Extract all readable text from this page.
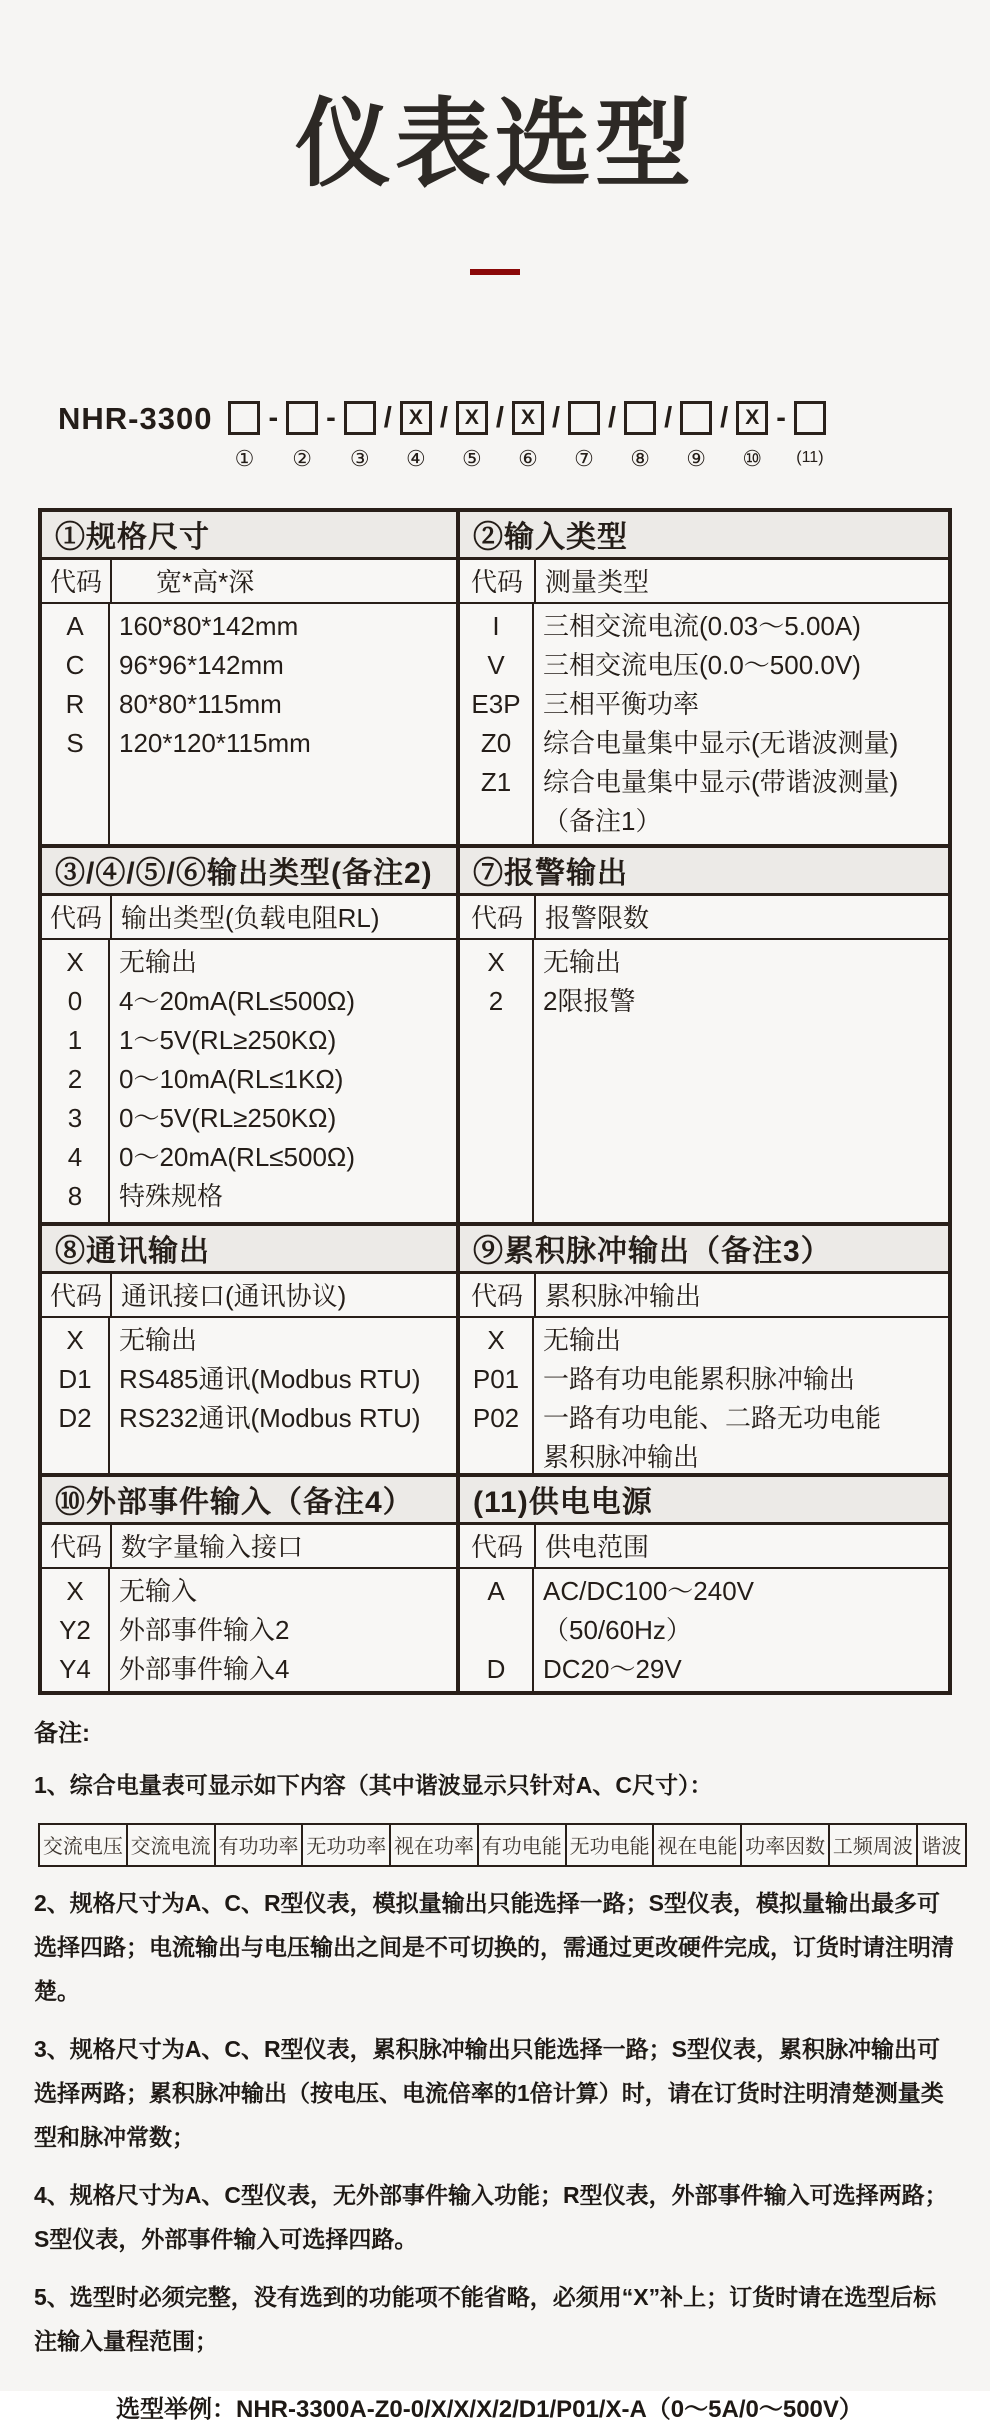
仪表选型
NHR-3300
①
-
②
-
③
/ X
④
/ X
⑤
/ X
⑥
/
⑦
/
⑧
/
⑨
/ X
⑩
-
(11)
①规格尺寸
代码	宽*高*深
A
C
R
S
160*80*142mm
96*96*142mm
80*80*115mm
120*120*115mm
②输入类型
代码 测量类型
I
V
E3P
Z0
Z1
三相交流电流(0.03～5.00A)
三相交流电压(0.0～500.0V)
三相平衡功率
综合电量集中显示(无谐波测量)
综合电量集中显示(带谐波测量)
（备注1）
③/④/⑤/⑥输出类型(备注2)
代码 输出类型(负载电阻RL)
X
0
1
2
3
4
8
无输出
4～20mA(RL≤500Ω)
1～5V(RL≥250KΩ)
0～10mA(RL≤1KΩ)
0～5V(RL≥250KΩ)
0～20mA(RL≤500Ω)
特殊规格
⑦报警输出
代码 报警限数
X
2
无输出
2限报警
⑧通讯输出
代码 通讯接口(通讯协议)
X
D1
D2
无输出
RS485通讯(Modbus RTU)
RS232通讯(Modbus RTU)
⑨累积脉冲输出（备注3）
代码 累积脉冲输出
X
P01
P02
无输出
一路有功电能累积脉冲输出
一路有功电能、二路无功电能
累积脉冲输出
⑩外部事件输入（备注4）
代码 数字量输入接口
X
Y2
Y4
无输入
外部事件输入2
外部事件输入4
(11)供电电源
代码 供电范围
A
D
AC/DC100～240V
（50/60Hz）
DC20～29V
备注:

1、综合电量表可显示如下内容（其中谐波显示只针对A、C尺寸）：

交流电压 交流电流 有功功率 无功功率 视在功率 有功电能 无功电能 视在电能 功率因数 工频周波 谐波

2、规格尺寸为A、C、R型仪表，模拟量输出只能选择一路；S型仪表，模拟量输出最多可选择四路；电流输出与电压输出之间是不可切换的，需通过更改硬件完成，订货时请注明清楚。

3、规格尺寸为A、C、R型仪表，累积脉冲输出只能选择一路；S型仪表，累积脉冲输出可选择两路；累积脉冲输出（按电压、电流倍率的1倍计算）时，请在订货时注明清楚测量类型和脉冲常数；

4、规格尺寸为A、C型仪表，无外部事件输入功能；R型仪表，外部事件输入可选择两路；S型仪表，外部事件输入可选择四路。

5、选型时必须完整，没有选到的功能项不能省略，必须用“X”补上；订货时请在选型后标注输入量程范围；

选型举例：NHR-3300A-Z0-0/X/X/X/2/D1/P01/X-A（0～5A/0～500V）
